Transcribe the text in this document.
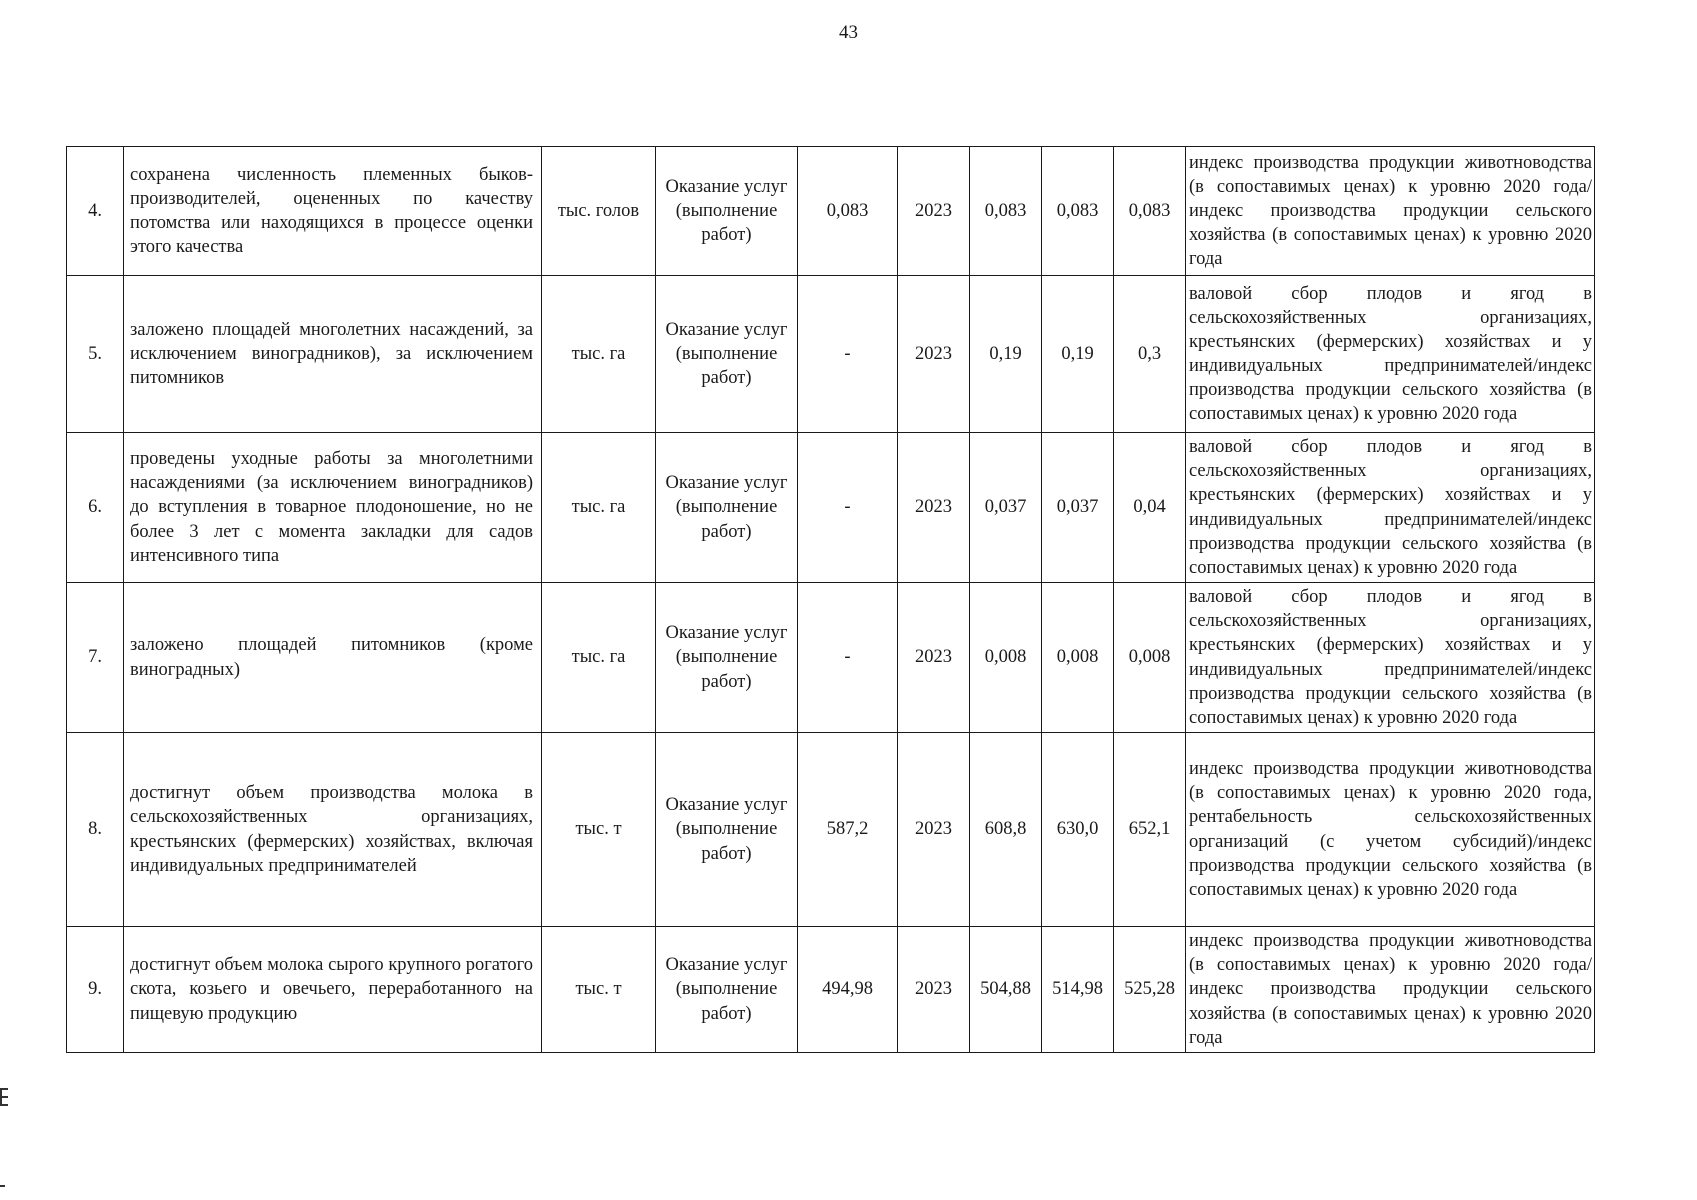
43
4.	сохранена численность племенных быков-производителей, оцененных по качеству потомства или находящихся в процессе оценки этого качества	тыс. голов	Оказание услуг (выполнение работ)	0,083	2023	0,083	0,083	0,083	индекс производства продукции животноводства (в сопоставимых ценах) к уровню 2020 года/индекс производства продукции сельского хозяйства (в сопоставимых ценах) к уровню 2020 года
5.	заложено площадей многолетних насаждений, за исключением виноградников), за исключением питомников	тыс. га	Оказание услуг (выполнение работ)	-	2023	0,19	0,19	0,3	валовой сбор плодов и ягод в сельскохозяйственных организациях, крестьянских (фермерских) хозяйствах и у индивидуальных предпринимателей/индекс производства продукции сельского хозяйства (в сопоставимых ценах) к уровню 2020 года
6.	проведены уходные работы за многолетними насаждениями (за исключением виноградников) до вступления в товарное плодоношение, но не более 3 лет с момента закладки для садов интенсивного типа	тыс. га	Оказание услуг (выполнение работ)	-	2023	0,037	0,037	0,04	валовой сбор плодов и ягод в сельскохозяйственных организациях, крестьянских (фермерских) хозяйствах и у индивидуальных предпринимателей/индекс производства продукции сельского хозяйства (в сопоставимых ценах) к уровню 2020 года
7.	заложено площадей питомников (кроме виноградных)	тыс. га	Оказание услуг (выполнение работ)	-	2023	0,008	0,008	0,008	валовой сбор плодов и ягод в сельскохозяйственных организациях, крестьянских (фермерских) хозяйствах и у индивидуальных предпринимателей/индекс производства продукции сельского хозяйства (в сопоставимых ценах) к уровню 2020 года
8.	достигнут объем производства молока в сельскохозяйственных организациях, крестьянских (фермерских) хозяйствах, включая индивидуальных предпринимателей	тыс. т	Оказание услуг (выполнение работ)	587,2	2023	608,8	630,0	652,1	индекс производства продукции животноводства (в сопоставимых ценах) к уровню 2020 года, рентабельность сельскохозяйственных организаций (с учетом субсидий)/индекс производства продукции сельского хозяйства (в сопоставимых ценах) к уровню 2020 года
9.	достигнут объем молока сырого крупного рогатого скота, козьего и овечьего, переработанного на пищевую продукцию	тыс. т	Оказание услуг (выполнение работ)	494,98	2023	504,88	514,98	525,28	индекс производства продукции животноводства (в сопоставимых ценах) к уровню 2020 года/индекс производства продукции сельского хозяйства (в сопоставимых ценах) к уровню 2020 года
